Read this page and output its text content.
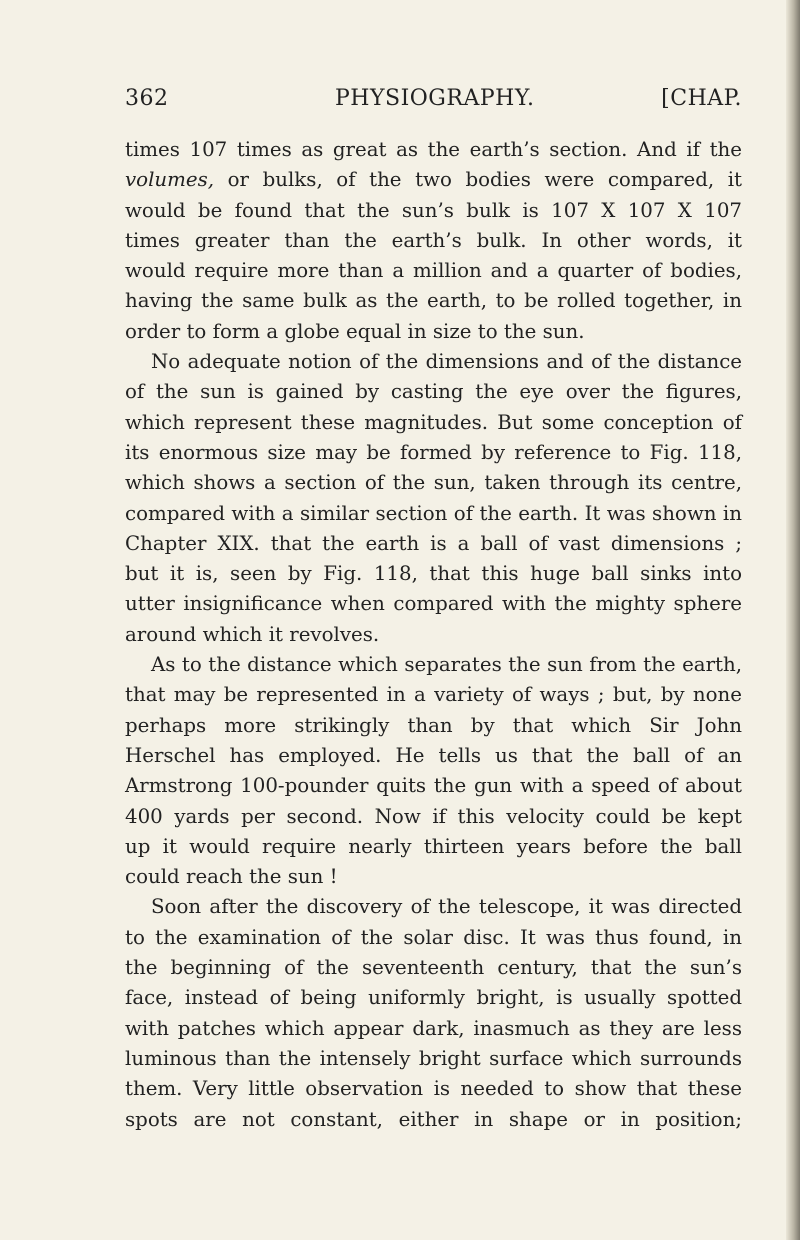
362	PHYSIOGRAPHY.	[CHAP.
times 107 times as great as the earth’s section. And if the
volumes, or bulks, of the two bodies were compared, it
would be found that the sun’s bulk is 107 X 107 X 107
times greater than the earth’s bulk. In other words, it
would require more than a million and a quarter of bodies,
having the same bulk as the earth, to be rolled together, in
order to form a globe equal in size to the sun.
No adequate notion of the dimensions and of the distance
of the sun is gained by casting the eye over the figures,
which represent these magnitudes. But some conception of
its enormous size may be formed by reference to Fig. 118,
which shows a section of the sun, taken through its centre,
compared with a similar section of the earth. It was shown in
Chapter XIX. that the earth is a ball of vast dimensions ;
but it is, seen by Fig. 118, that this huge ball sinks into
utter insignificance when compared with the mighty sphere
around which it revolves.
As to the distance which separates the sun from the earth,
that may be represented in a variety of ways ; but, by none
perhaps more strikingly than by that which Sir John
Herschel has employed. He tells us that the ball of an
Armstrong 100-pounder quits the gun with a speed of about
400 yards per second. Now if this velocity could be kept
up it would require nearly thirteen years before the ball
could reach the sun !
Soon after the discovery of the telescope, it was directed
to the examination of the solar disc. It was thus found, in
the beginning of the seventeenth century, that the sun’s
face, instead of being uniformly bright, is usually spotted
with patches which appear dark, inasmuch as they are less
luminous than the intensely bright surface which surrounds
them. Very little observation is needed to show that these
spots are not constant, either in shape or in position;
